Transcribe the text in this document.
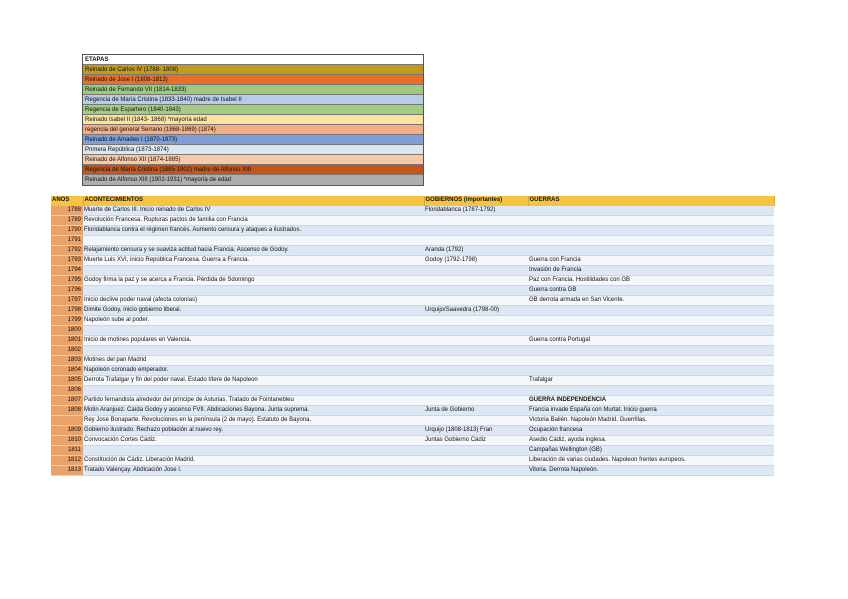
ETAPAS
Reinado de Carlos IV (1788- 1808)
Reinado de Jose I (1808-1813)
Reinado de Fernando VII (1814-1833)
Regencia de María Cristina (1833-1840) madre de Isabel II
Regencia de Espartero (1840-1843)
Reinado Isabel II (1843- 1868) *mayoría edad
regencia del general Serrano (1868-1869) (1874)
Reinado de Amadeo I (1870-1873)
Primera República (1873-1874)
Reinado de Alfonso XII (1874-1885)
Regencia de María Cristina (1885-1902) madre de Alfonso XIII
Reinado de Alfonso XIII (1902-1931) *mayoría de edad
AÑOS	ACONTECIMIENTOS	GOBIERNOS (importantes)	GUERRAS
1788	Muerte de Carlos III. Inicio reinado de Carlos IV	Floridablanca (1787-1792)	
1789	Revolución Francesa. Rupturas pactos de familia con Francia		
1790	Floridablanca contra el régimen francés. Aumento censura y ataques a ilustrados.		
1791			
1792	Relajamiento censura y se suaviza actitud hacia Francia. Ascenso de Godoy.	Aranda (1792)	
1793	Muerte Luis XVI, inicio República Francesa. Guerra a Francia.	Godoy (1792-1798)	Guerra con Francia
1794			Invasión de Francia
1795	Godoy firma la paz y se acerca a Francia. Pérdida de Sdomingo		Paz con Francia. Hostilidades con GB
1796			Guerra contra GB
1797	Inicio declive poder naval (afecta colonias)		GB derrota armada en San Vicente.
1798	Dimite Godoy, inicio gobierno liberal.	Urquijo/Saavedra (1798-00)	
1799	Napoleón sube al poder.		
1800			
1801	Inicio de motines populares en Valencia.		Guerra contra Portugal
1802			
1803	Motines del pan Madrid		
1804	Napoleón coronado emperador.		
1805	Derrota Trafalgar y fin del poder naval. Estado títere de Napoleon		Trafalgar
1806			
1807	Partido fernandista alrededor del príncipe de Asturias. Tratado de Fointanebleu		GUERRA INDEPENDENCIA
1808	Motin Aranjuez. Caída Godoy y ascenso FVII. Abdicaciones Bayona. Junta suprema.	Junta de Gobierno	Francia invade España con Murtat. Inicio guerra
	Rey Jose Bonaparte. Revoluciones en la península (2 de mayo). Estatuto de Bayona.		Victoria Bailén. Napoleón Madrid. Guerrillas.
1809	Gobierno ilustrado. Rechazo población al nuevo rey.	Urquijo (1808-1813) Fran	Ocupación francesa
1810	Convocación Cortes Cádiz.	Juntas Gobierno Cádiz	Asedio Cádiz, ayuda inglesa.
1811			Campañas Wellington (GB)
1812	Constitución de Cádiz. Liberación Madrid.		Liberación de varias ciudades. Napoleon frentes europeos.
1813	Tratado Valençay. Abdicación Jose I.		Vitoria. Derrota Napoleón.
